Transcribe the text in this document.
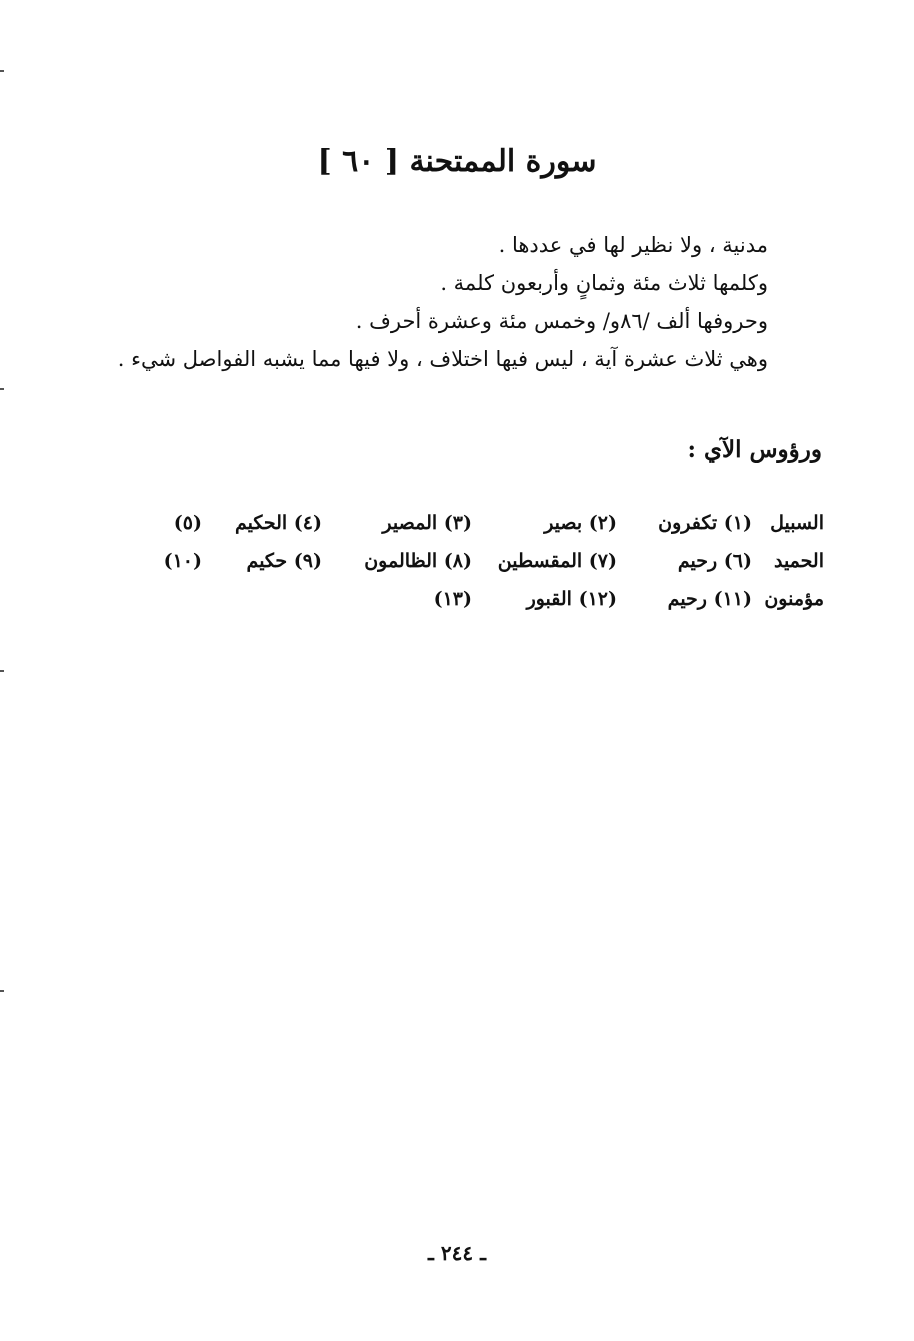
سورة الممتحنة [ ٦٠ ]

مدنية ، ولا نظير لها في عددها .

وكلمها ثلاث مئة وثمانٍ وأربعون كلمة .

وحروفها ألف /٨٦و/ وخمس مئة وعشرة أحرف .

وهي ثلاث عشرة آية ، ليس فيها اختلاف ، ولا فيها مما يشبه الفواصل شيء .

ورؤوس الآي :
السبيل
(١) تكفرون
(٢) بصير
(٣) المصير
(٤) الحكيم
(٥)
الحميد
(٦) رحيم
(٧) المقسطين
(٨) الظالمون
(٩) حكيم
(١٠)
مؤمنون
(١١) رحيم
(١٢) القبور
(١٣)
ـ ٢٤٤ ـ
